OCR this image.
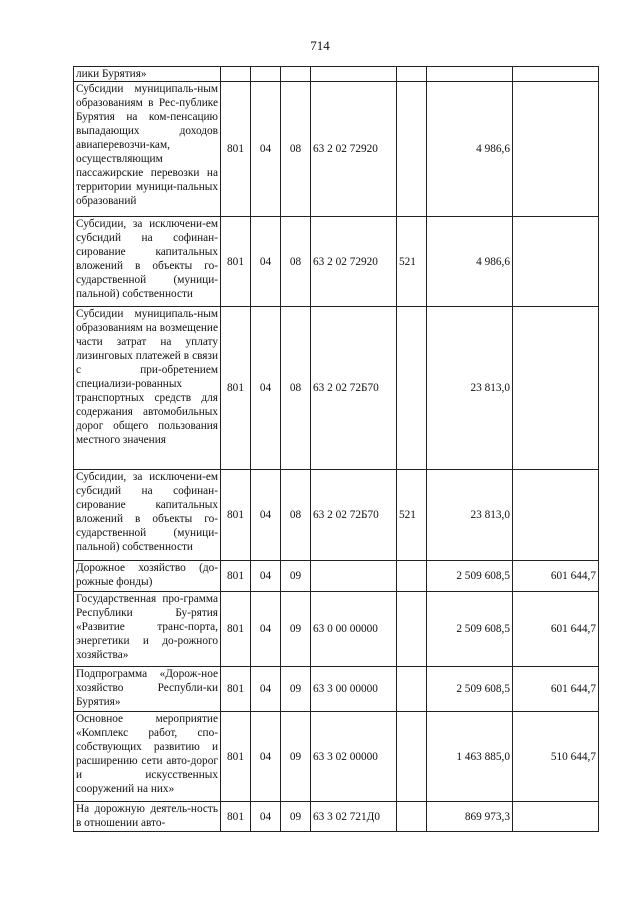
714
лики Бурятия»							
Субсидии муниципаль-ным образованиям в Рес-публике Бурятия на ком-пенсацию выпадающих доходов авиаперевозчи-кам, осуществляющим пассажирские перевозки на территории муници-пальных образований	801	04	08	63 2 02 72920		4 986,6	
Субсидии, за исключени-ем субсидий на софинан-сирование капитальных вложений в объекты го-сударственной (муници-пальной) собственности	801	04	08	63 2 02 72920	521	4 986,6	
Субсидии муниципаль-ным образованиям на возмещение части затрат на уплату лизинговых платежей в связи с при-обретением специализи-рованных транспортных средств для содержания автомобильных дорог общего пользования местного значения	801	04	08	63 2 02 72Б70		23 813,0	
Субсидии, за исключени-ем субсидий на софинан-сирование капитальных вложений в объекты го-сударственной (муници-пальной) собственности	801	04	08	63 2 02 72Б70	521	23 813,0	
Дорожное хозяйство (до-рожные фонды)	801	04	09			2 509 608,5	601 644,7
Государственная про-грамма Республики Бу-рятия «Развитие транс-порта, энергетики и до-рожного хозяйства»	801	04	09	63 0 00 00000		2 509 608,5	601 644,7
Подпрограмма «Дорож-ное хозяйство Республи-ки Бурятия»	801	04	09	63 3 00 00000		2 509 608,5	601 644,7
Основное мероприятие «Комплекс работ, спо-собствующих развитию и расширению сети авто-дорог и искусственных сооружений на них»	801	04	09	63 3 02 00000		1 463 885,0	510 644,7
На дорожную деятель-ность в отношении авто-	801	04	09	63 3 02 721Д0		869 973,3	
